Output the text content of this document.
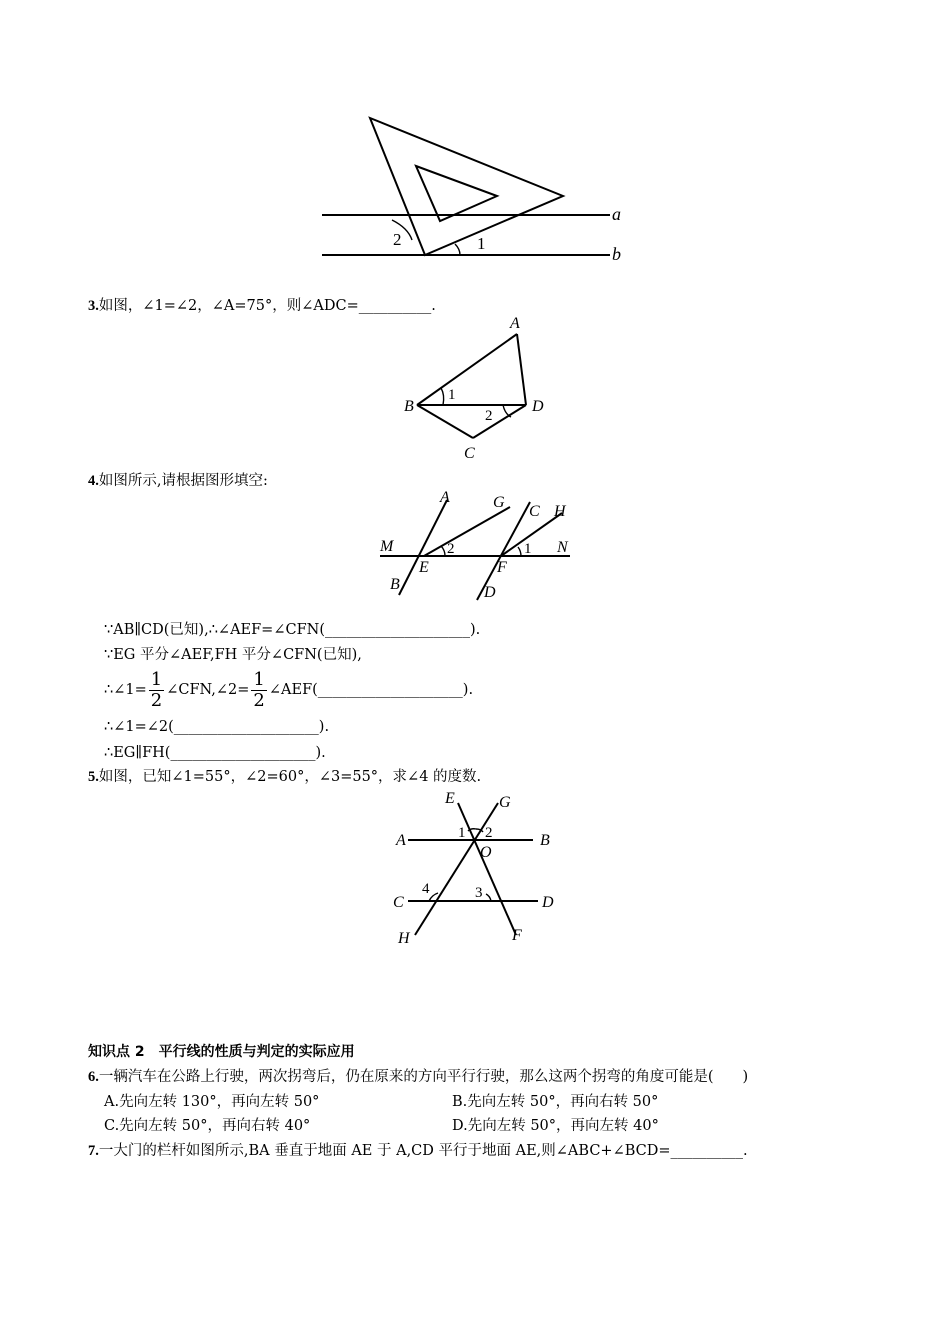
a
b
2	1
3.如图，∠1=∠2，∠A=75°，则∠ADC=__________.
A
B	D
C
1
2
4.如图所示,请根据图形填空:
A	G
C H
M	N
B
E	F
D
2	1
∵AB∥CD(已知),∴∠AEF=∠CFN(____________________).
∵EG 平分∠AEF,FH 平分∠CFN(已知),
∴∠1= $\frac{1}{2}$ ∠CFN,∠2= $\frac{1}{2}$ ∠AEF(____________________).
∴∠1=∠2(____________________).
∴EG∥FH(____________________).
5.如图，已知∠1=55°，∠2=60°，∠3=55°，求∠4 的度数.
E	G
A	B
O
C	D
H	F
1 2
3
4
知识点 2　平行线的性质与判定的实际应用
6.一辆汽车在公路上行驶，两次拐弯后，仍在原来的方向平行行驶，那么这两个拐弯的角度可能是(　　)
A.先向左转 130°，再向左转 50°	B.先向左转 50°，再向右转 50°
C.先向左转 50°，再向右转 40°	D.先向左转 50°，再向左转 40°
7.一大门的栏杆如图所示,BA 垂直于地面 AE 于 A,CD 平行于地面 AE,则∠ABC+∠BCD=__________.
